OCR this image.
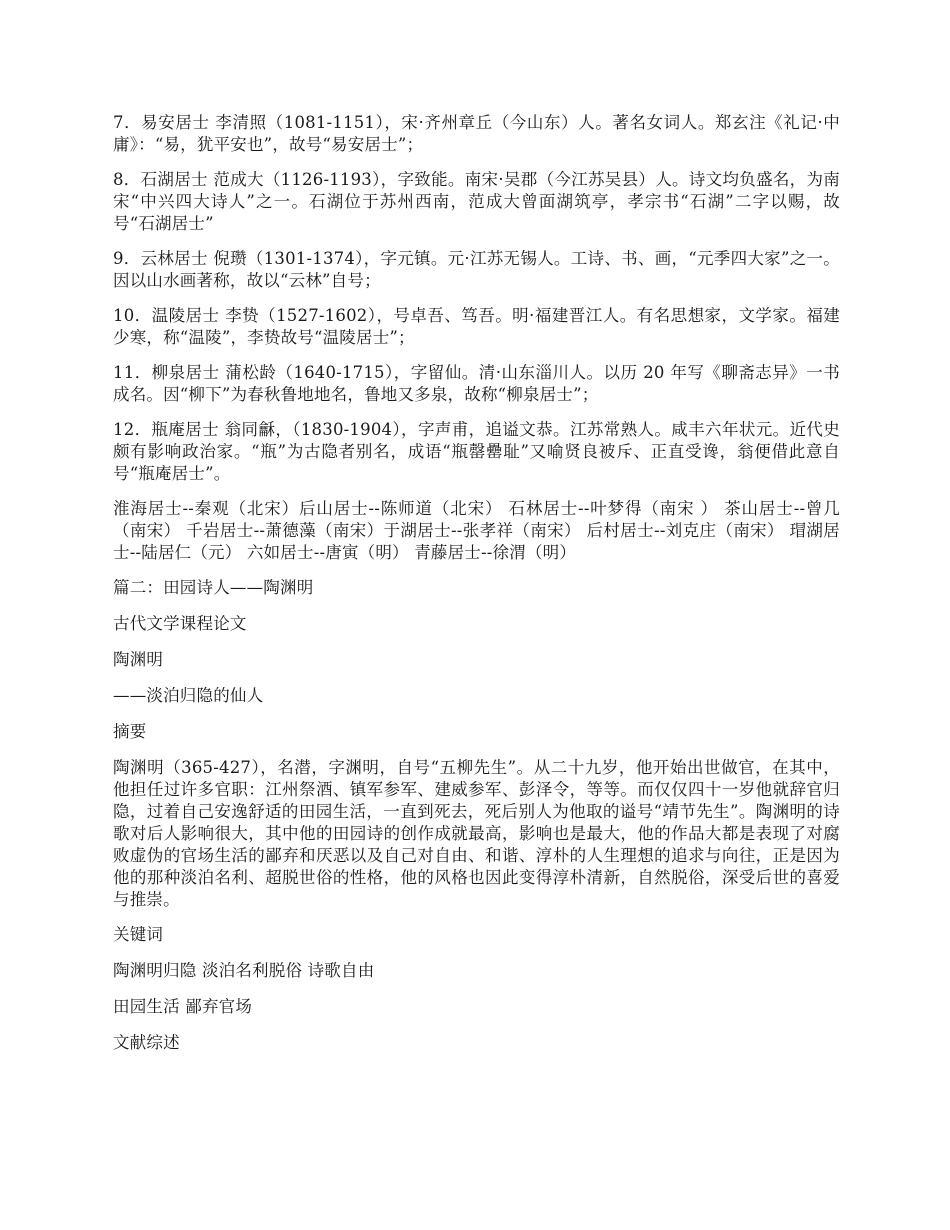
7．易安居士 李清照（1081-1151），宋·齐州章丘（今山东）人。著名女词人。郑玄注《礼记·中庸》：“易，犹平安也”，故号“易安居士”；

8．石湖居士 范成大（1126-1193），字致能。南宋·吴郡（今江苏吴县）人。诗文均负盛名，为南宋“中兴四大诗人”之一。石湖位于苏州西南，范成大曾面湖筑亭，孝宗书“石湖”二字以赐，故号“石湖居士”

9．云林居士 倪瓒（1301-1374），字元镇。元·江苏无锡人。工诗、书、画，“元季四大家”之一。因以山水画著称，故以“云林”自号；

10．温陵居士 李贽（1527-1602），号卓吾、笃吾。明·福建晋江人。有名思想家，文学家。福建少寒，称“温陵”，李贽故号“温陵居士”；

11．柳泉居士 蒲松龄（1640-1715），字留仙。清·山东淄川人。以历 20 年写《聊斋志异》一书成名。因“柳下”为春秋鲁地地名，鲁地又多泉，故称“柳泉居士”；

12．瓶庵居士 翁同龢，（1830-1904），字声甫，追谥文恭。江苏常熟人。咸丰六年状元。近代史颇有影响政治家。“瓶”为古隐者别名，成语“瓶罄罍耻”又喻贤良被斥、正直受谗，翁便借此意自号“瓶庵居士”。

淮海居士--秦观（北宋）后山居士--陈师道（北宋） 石林居士--叶梦得（南宋 ） 茶山居士--曾几（南宋） 千岩居士--萧德藻（南宋）于湖居士--张孝祥（南宋） 后村居士--刘克庄（南宋） 瑁湖居士--陆居仁（元） 六如居士--唐寅（明） 青藤居士--徐渭（明）

篇二：田园诗人——陶渊明

古代文学课程论文

陶渊明

——淡泊归隐的仙人

摘要

陶渊明（365-427），名潜，字渊明，自号“五柳先生”。从二十九岁，他开始出世做官，在其中，他担任过许多官职：江州祭酒、镇军参军、建威参军、彭泽令，等等。而仅仅四十一岁他就辞官归隐，过着自己安逸舒适的田园生活，一直到死去，死后别人为他取的谥号“靖节先生”。陶渊明的诗歌对后人影响很大，其中他的田园诗的创作成就最高，影响也是最大，他的作品大都是表现了对腐败虚伪的官场生活的鄙弃和厌恶以及自己对自由、和谐、淳朴的人生理想的追求与向往，正是因为他的那种淡泊名利、超脱世俗的性格，他的风格也因此变得淳朴清新，自然脱俗，深受后世的喜爱与推崇。

关键词

陶渊明归隐 淡泊名利脱俗 诗歌自由

田园生活 鄙弃官场

文献综述
